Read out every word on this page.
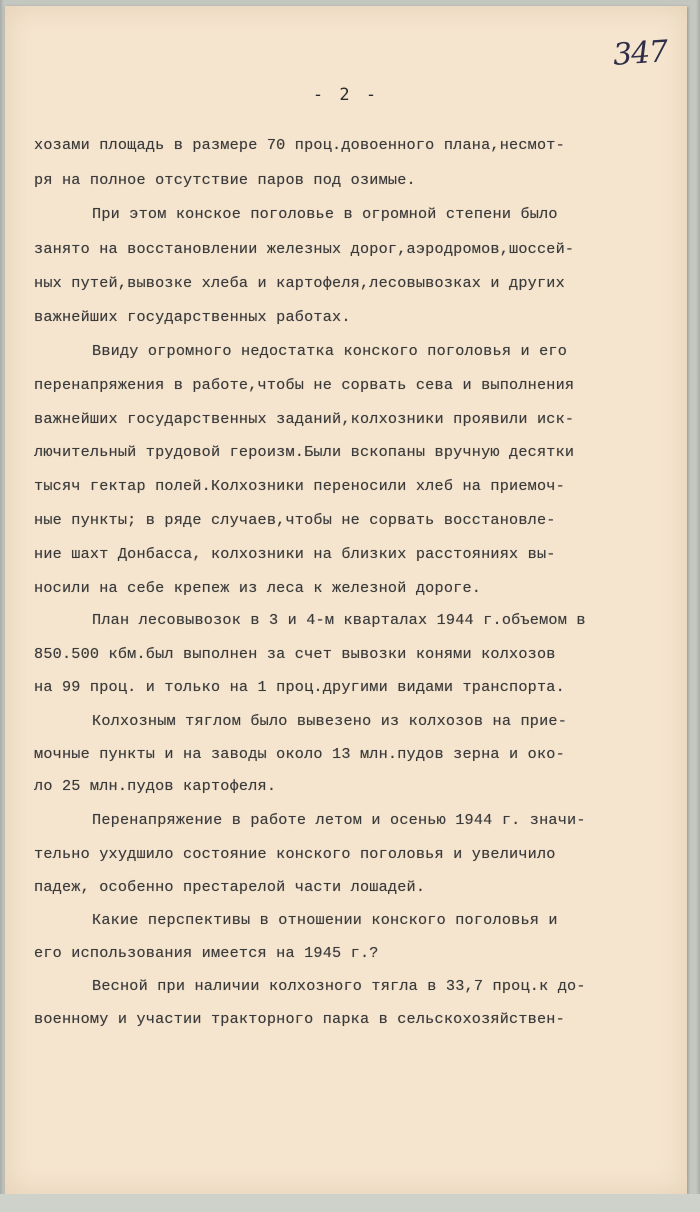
347
- 2 -
хозами площадь в размере 70 проц.довоенного плана,несмот-
ря на полное отсутствие паров под озимые.
При этом конское поголовье в огромной степени было
занято на восстановлении железных дорог,аэродромов,шоссей-
ных путей,вывозке хлеба и картофеля,лесовывозках и других
важнейших государственных работах.
Ввиду огромного недостатка конского поголовья и его
перенапряжения в работе,чтобы не сорвать сева и выполнения
важнейших государственных заданий,колхозники проявили иск-
лючительный трудовой героизм.Были вскопаны вручную десятки
тысяч гектар полей.Колхозники переносили хлеб на приемоч-
ные пункты; в ряде случаев,чтобы не сорвать восстановле-
ние шахт Донбасса, колхозники на близких расстояниях вы-
носили на себе крепеж из леса к железной дороге.
План лесовывозок в 3 и 4-м кварталах 1944 г.объемом в
850.500 кбм.был выполнен за счет вывозки конями колхозов
на 99 проц. и только на 1 проц.другими видами транспорта.
Колхозным тяглом было вывезено из колхозов на прие-
мочные пункты и на заводы около 13 млн.пудов зерна и око-
ло 25 млн.пудов картофеля.
Перенапряжение в работе летом и осенью 1944 г. значи-
тельно ухудшило состояние конского поголовья и увеличило
падеж, особенно престарелой части лошадей.
Какие перспективы в отношении конского поголовья и
его использования имеется на 1945 г.?
Весной при наличии колхозного тягла в 33,7 проц.к до-
военному и участии тракторного парка в сельскохозяйствен-
